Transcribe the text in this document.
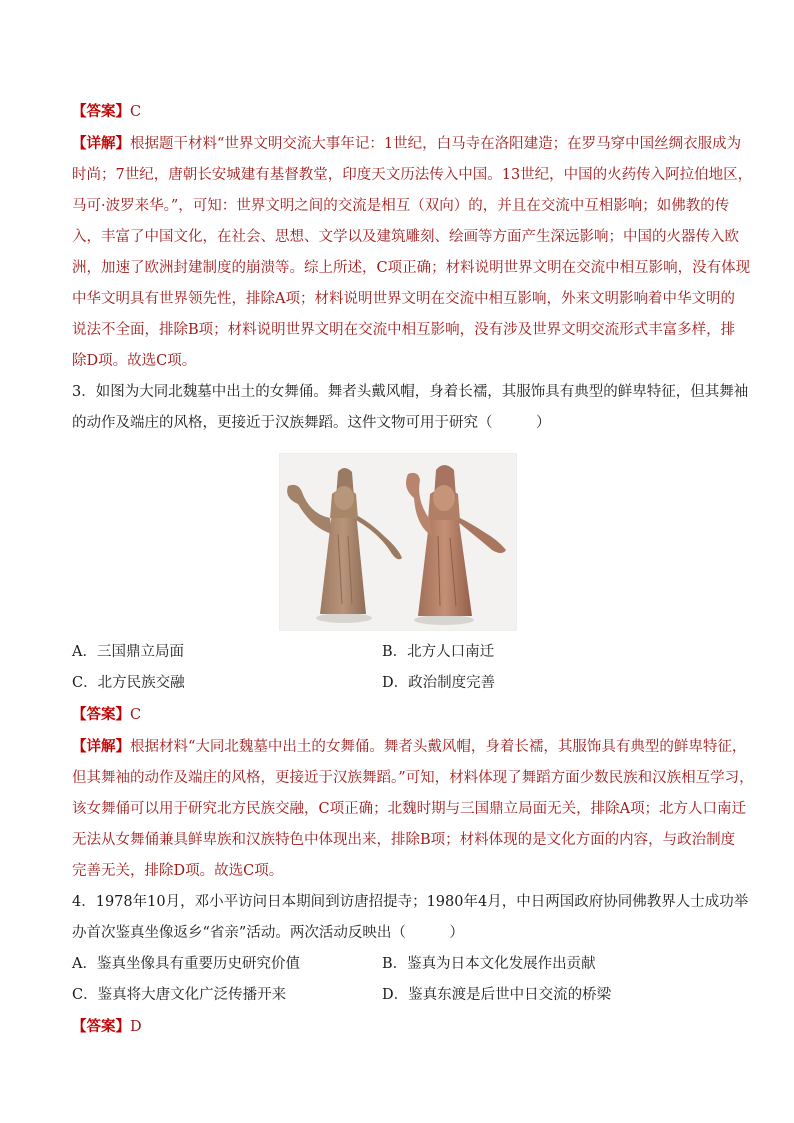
【答案】C
【详解】根据题干材料“世界文明交流大事年记：1世纪，白马寺在洛阳建造；在罗马穿中国丝绸衣服成为
时尚；7世纪，唐朝长安城建有基督教堂，印度天文历法传入中国。13世纪，中国的火药传入阿拉伯地区，
马可·波罗来华。”，可知：世界文明之间的交流是相互（双向）的，并且在交流中互相影响；如佛教的传
入，丰富了中国文化，在社会、思想、文学以及建筑雕刻、绘画等方面产生深远影响；中国的火器传入欧
洲，加速了欧洲封建制度的崩溃等。综上所述，C项正确；材料说明世界文明在交流中相互影响，没有体现
中华文明具有世界领先性，排除A项；材料说明世界文明在交流中相互影响，外来文明影响着中华文明的
说法不全面，排除B项；材料说明世界文明在交流中相互影响，没有涉及世界文明交流形式丰富多样，排
除D项。故选C项。
3．如图为大同北魏墓中出土的女舞俑。舞者头戴风帽，身着长襦，其服饰具有典型的鲜卑特征，但其舞袖
的动作及端庄的风格，更接近于汉族舞蹈。这件文物可用于研究（　　　）
A．三国鼎立局面	B．北方人口南迁
C．北方民族交融	D．政治制度完善
【答案】C
【详解】根据材料“大同北魏墓中出土的女舞俑。舞者头戴风帽，身着长襦，其服饰具有典型的鲜卑特征，
但其舞袖的动作及端庄的风格，更接近于汉族舞蹈。”可知，材料体现了舞蹈方面少数民族和汉族相互学习，
该女舞俑可以用于研究北方民族交融，C项正确；北魏时期与三国鼎立局面无关，排除A项；北方人口南迁
无法从女舞俑兼具鲜卑族和汉族特色中体现出来，排除B项；材料体现的是文化方面的内容，与政治制度
完善无关，排除D项。故选C项。
4．1978年10月，邓小平访问日本期间到访唐招提寺；1980年4月，中日两国政府协同佛教界人士成功举
办首次鉴真坐像返乡“省亲”活动。两次活动反映出（　　　）
A．鉴真坐像具有重要历史研究价值	B．鉴真为日本文化发展作出贡献
C．鉴真将大唐文化广泛传播开来	D．鉴真东渡是后世中日交流的桥梁
【答案】D
